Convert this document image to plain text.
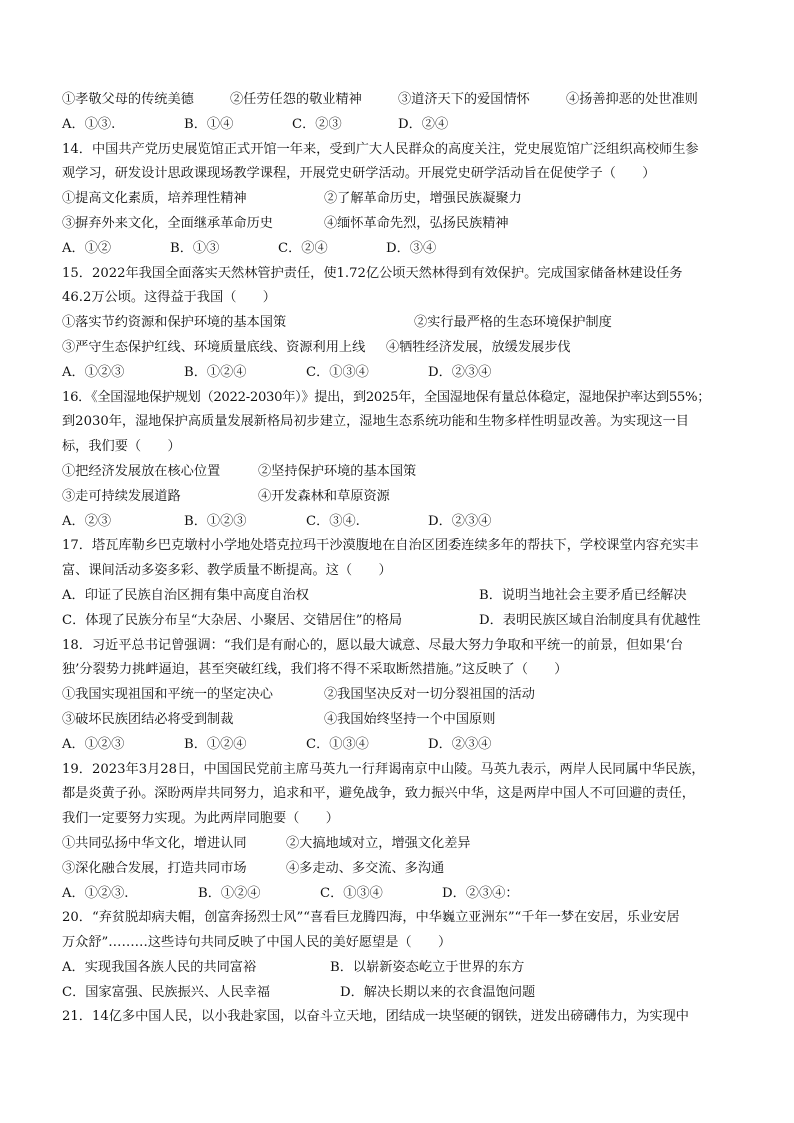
①孝敬父母的传统美德	②任劳任怨的敬业精神	③道济天下的爱国情怀	④扬善抑恶的处世准则
A．①③.	B．①④	C．②③	D．②④
14．中国共产党历史展览馆正式开馆一年来，受到广大人民群众的高度关注，党史展览馆广泛组织高校师生参
观学习，研发设计思政课现场教学课程，开展党史研学活动。开展党史研学活动旨在促使学子（　　）
①提高文化素质，培养理性精神	②了解革命历史，增强民族凝聚力
③摒弃外来文化，全面继承革命历史	④缅怀革命先烈，弘扬民族精神
A．①②	B．①③	C．②④	D．③④
15．2022年我国全面落实天然林管护责任，使1.72亿公顷天然林得到有效保护。完成国家储备林建设任务
46.2万公顷。这得益于我国（　　）
①落实节约资源和保护环境的基本国策	②实行最严格的生态环境保护制度
③严守生态保护红线、环境质量底线、资源利用上线	④牺牲经济发展，放缓发展步伐
A．①②③	B．①②④	C．①③④	D．②③④
16．《全国湿地保护规划（2022-2030年）》提出，到2025年，全国湿地保有量总体稳定，湿地保护率达到55%；
到2030年，湿地保护高质量发展新格局初步建立，湿地生态系统功能和生物多样性明显改善。为实现这一目
标，我们要（　　）
①把经济发展放在核心位置	②坚持保护环境的基本国策
③走可持续发展道路	④开发森林和草原资源
A．②③	B．①②③	C．③④.	D．②③④
17．塔瓦库勒乡巴克墩村小学地处塔克拉玛干沙漠腹地在自治区团委连续多年的帮扶下，学校课堂内容充实丰
富、课间活动多姿多彩、教学质量不断提高。这（　　）
A．印证了民族自治区拥有集中高度自治权	B．说明当地社会主要矛盾已经解决
C．体现了民族分布呈“大杂居、小聚居、交错居住”的格局	D．表明民族区域自治制度具有优越性
18．习近平总书记曾强调：“我们是有耐心的，愿以最大诚意、尽最大努力争取和平统一的前景，但如果‘台
独’分裂势力挑衅逼迫，甚至突破红线，我们将不得不采取断然措施。”这反映了（　　）
①我国实现祖国和平统一的坚定决心	②我国坚决反对一切分裂祖国的活动
③破坏民族团结必将受到制裁	④我国始终坚持一个中国原则
A．①②③	B．①②④	C．①③④	D．②③④
19．2023年3月28日，中国国民党前主席马英九一行拜谒南京中山陵。马英九表示，两岸人民同属中华民族，
都是炎黄子孙。深盼两岸共同努力，追求和平，避免战争，致力振兴中华，这是两岸中国人不可回避的责任，
我们一定要努力实现。为此两岸同胞要（　　）
①共同弘扬中华文化，增进认同	②大搞地域对立，增强文化差异
③深化融合发展，打造共同市场	④多走动、多交流、多沟通
A．①②③.	B．①②④	C．①③④	D．②③④：
20．“弃贫脱却病夫帽，创富奔扬烈士风”“喜看巨龙腾四海，中华巍立亚洲东”“千年一梦在安居，乐业安居
万众舒”………这些诗句共同反映了中国人民的美好愿望是（　　）
A．实现我国各族人民的共同富裕	B．以崭新姿态屹立于世界的东方
C．国家富强、民族振兴、人民幸福	D．解决长期以来的衣食温饱问题
21．14亿多中国人民，以小我赴家国，以奋斗立天地，团结成一块坚硬的钢铁，迸发出磅礴伟力，为实现中
